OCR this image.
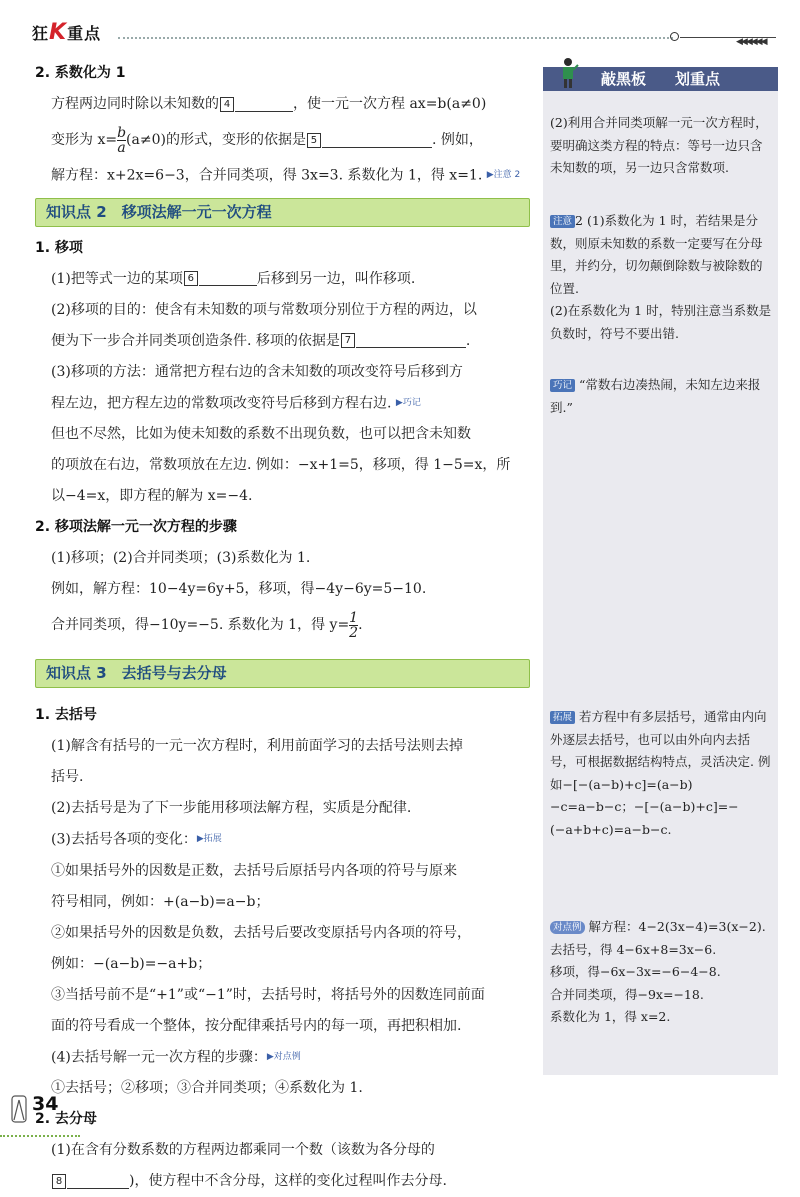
狂K重点	◀◀◀◀◀◀
2. 系数化为 1
方程两边同时除以未知数的 4	，使一元一次方程 ax=b(a≠0)
变形为 $x= \frac{b}{a} (a\ne 0)$的形式，变形的依据是 5	. 例如，
解方程：x+2x=6−3，合并同类项，得 3x=3. 系数化为 1，得 x=1. ▶注意 2
知识点 2　移项法解一元一次方程
1. 移项
(1)把等式一边的某项 6	后移到另一边，叫作移项.
(2)移项的目的：使含有未知数的项与常数项分别位于方程的两边，以
便为下一步合并同类项创造条件. 移项的依据是 7	.
(3)移项的方法：通常把方程右边的含未知数的项改变符号后移到方
程左边，把方程左边的常数项改变符号后移到方程右边. ▶巧记
但也不尽然，比如为使未知数的系数不出现负数，也可以把含未知数
的项放在右边，常数项放在左边. 例如：−x+1=5，移项，得 1−5=x，所
以−4=x，即方程的解为 x=−4.
2. 移项法解一元一次方程的步骤
(1)移项；(2)合并同类项；(3)系数化为 1.
例如，解方程：10−4y=6y+5，移项，得−4y−6y=5−10.
合并同类项，得−10y=−5. 系数化为 1，得 $y= \frac{1}{2}$ .
知识点 3　去括号与去分母
1. 去括号
(1)解含有括号的一元一次方程时，利用前面学习的去括号法则去掉
括号.
(2)去括号是为了下一步能用移项法解方程，实质是分配律.
(3)去括号各项的变化：▶拓展
①如果括号外的因数是正数，去括号后原括号内各项的符号与原来
符号相同，例如：+(a−b)=a−b；
②如果括号外的因数是负数，去括号后要改变原括号内各项的符号，
例如：−(a−b)=−a+b；
③当括号前不是“+1”或“−1”时，去括号时，将括号外的因数连同前面
面的符号看成一个整体，按分配律乘括号内的每一项，再把积相加.
(4)去括号解一元一次方程的步骤：▶对点例
①去括号；②移项；③合并同类项；④系数化为 1.
2. 去分母
(1)在含有分数系数的方程两边都乘同一个数（该数为各分母的
8	)，使方程中不含分母，这样的变化过程叫作去分母.
敲黑板 划重点
(2)利用合并同类项解一元一次方程时，要明确这类方程的特点：等号一边只含未知数的项，另一边只含常数项.
注意 2 (1)系数化为 1 时，若结果是分数，则原未知数的系数一定要写在分母里，并约分，切勿颠倒除数与被除数的位置.
(2)在系数化为 1 时，特别注意当系数是负数时，符号不要出错.
巧记 “常数右边凑热闹，未知左边来报到.”
拓展 若方程中有多层括号，通常由内向外逐层去括号，也可以由外向内去括号，可根据数据结构特点，灵活决定. 例如−[−(a−b)+c]=(a−b)−c=a−b−c；−[−(a−b)+c]=−(−a+b+c)=a−b−c.
对点例 解方程：4−2(3x−4)=3(x−2).
去括号，得 4−6x+8=3x−6.
移项，得−6x−3x=−6−4−8.
合并同类项，得−9x=−18.
系数化为 1，得 x=2.
34
